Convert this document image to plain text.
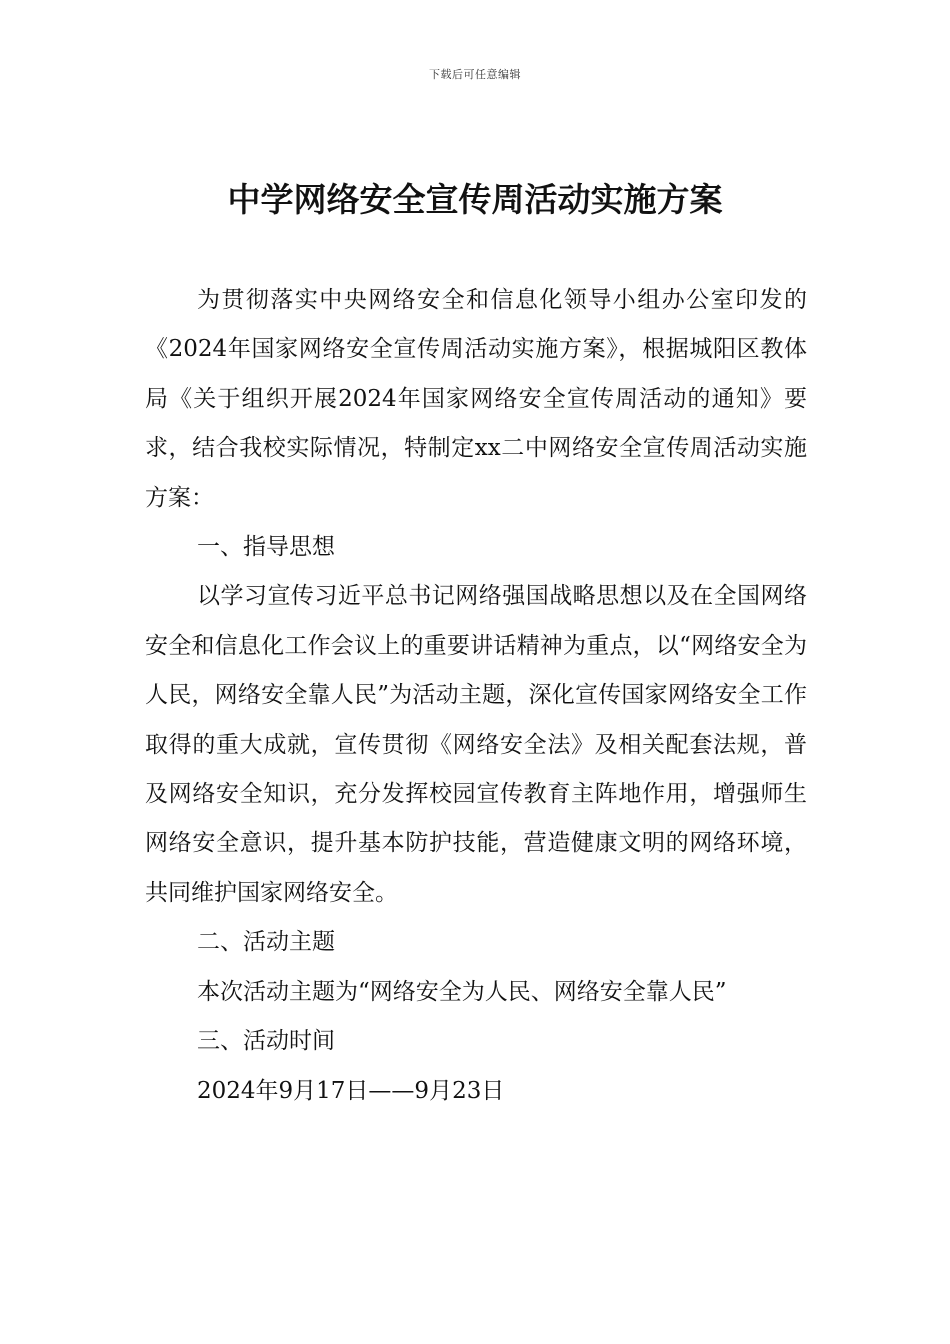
下载后可任意编辑
中学网络安全宣传周活动实施方案

为贯彻落实中央网络安全和信息化领导小组办公室印发的《2024年国家网络安全宣传周活动实施方案》，根据城阳区教体局《关于组织开展2024年国家网络安全宣传周活动的通知》要求，结合我校实际情况，特制定xx二中网络安全宣传周活动实施方案：

一、指导思想

以学习宣传习近平总书记网络强国战略思想以及在全国网络安全和信息化工作会议上的重要讲话精神为重点，以“网络安全为人民，网络安全靠人民”为活动主题，深化宣传国家网络安全工作取得的重大成就，宣传贯彻《网络安全法》及相关配套法规，普及网络安全知识，充分发挥校园宣传教育主阵地作用，增强师生网络安全意识，提升基本防护技能，营造健康文明的网络环境，共同维护国家网络安全。

二、活动主题

本次活动主题为“网络安全为人民、网络安全靠人民”

三、活动时间

2024年9月17日——9月23日
